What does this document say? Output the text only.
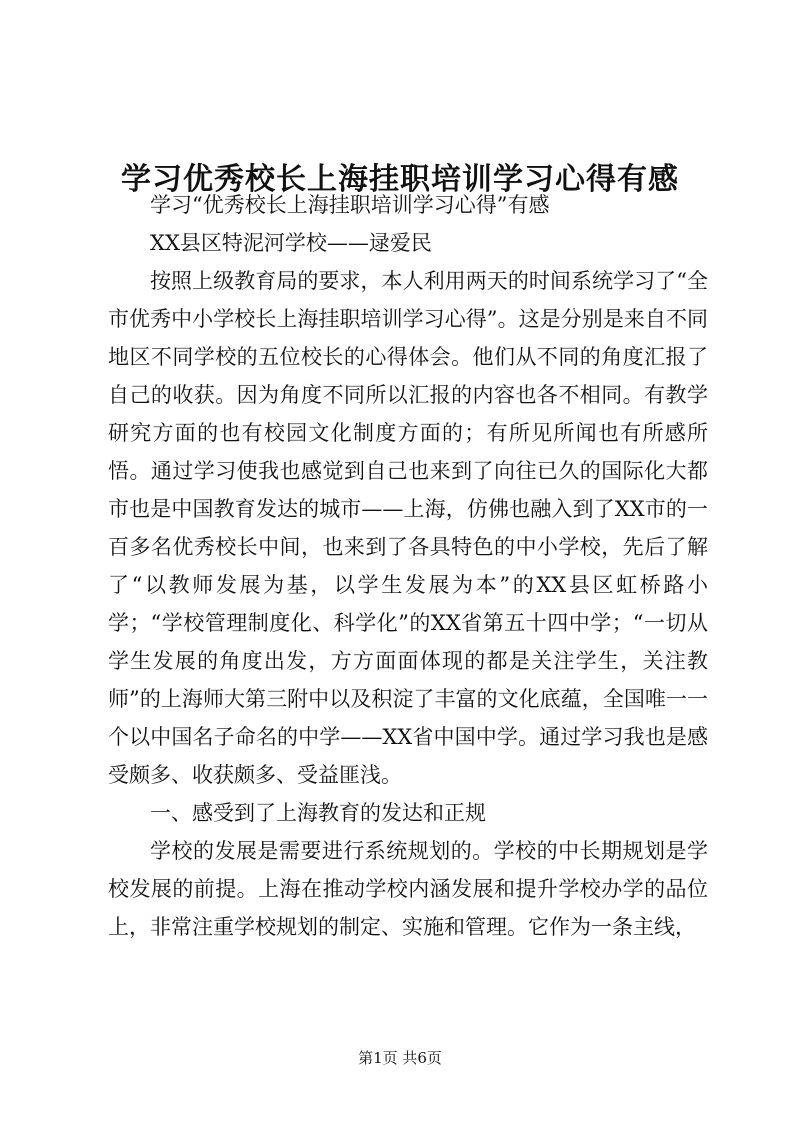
学习优秀校长上海挂职培训学习心得有感

学习“优秀校长上海挂职培训学习心得”有感

XX县区特泥河学校——逯爱民

按照上级教育局的要求，本人利用两天的时间系统学习了“全市优秀中小学校长上海挂职培训学习心得”。这是分别是来自不同地区不同学校的五位校长的心得体会。他们从不同的角度汇报了自己的收获。因为角度不同所以汇报的内容也各不相同。有教学研究方面的也有校园文化制度方面的；有所见所闻也有所感所悟。通过学习使我也感觉到自己也来到了向往已久的国际化大都市也是中国教育发达的城市——上海，仿佛也融入到了XX市的一百多名优秀校长中间，也来到了各具特色的中小学校，先后了解了“以教师发展为基，以学生发展为本”的XX县区虹桥路小学；“学校管理制度化、科学化”的XX省第五十四中学；“一切从学生发展的角度出发，方方面面体现的都是关注学生，关注教师”的上海师大第三附中以及积淀了丰富的文化底蕴，全国唯一一个以中国名子命名的中学——XX省中国中学。通过学习我也是感受颇多、收获颇多、受益匪浅。

一、感受到了上海教育的发达和正规

学校的发展是需要进行系统规划的。学校的中长期规划是学校发展的前提。上海在推动学校内涵发展和提升学校办学的品位上，非常注重学校规划的制定、实施和管理。它作为一条主线，

第1页 共6页
